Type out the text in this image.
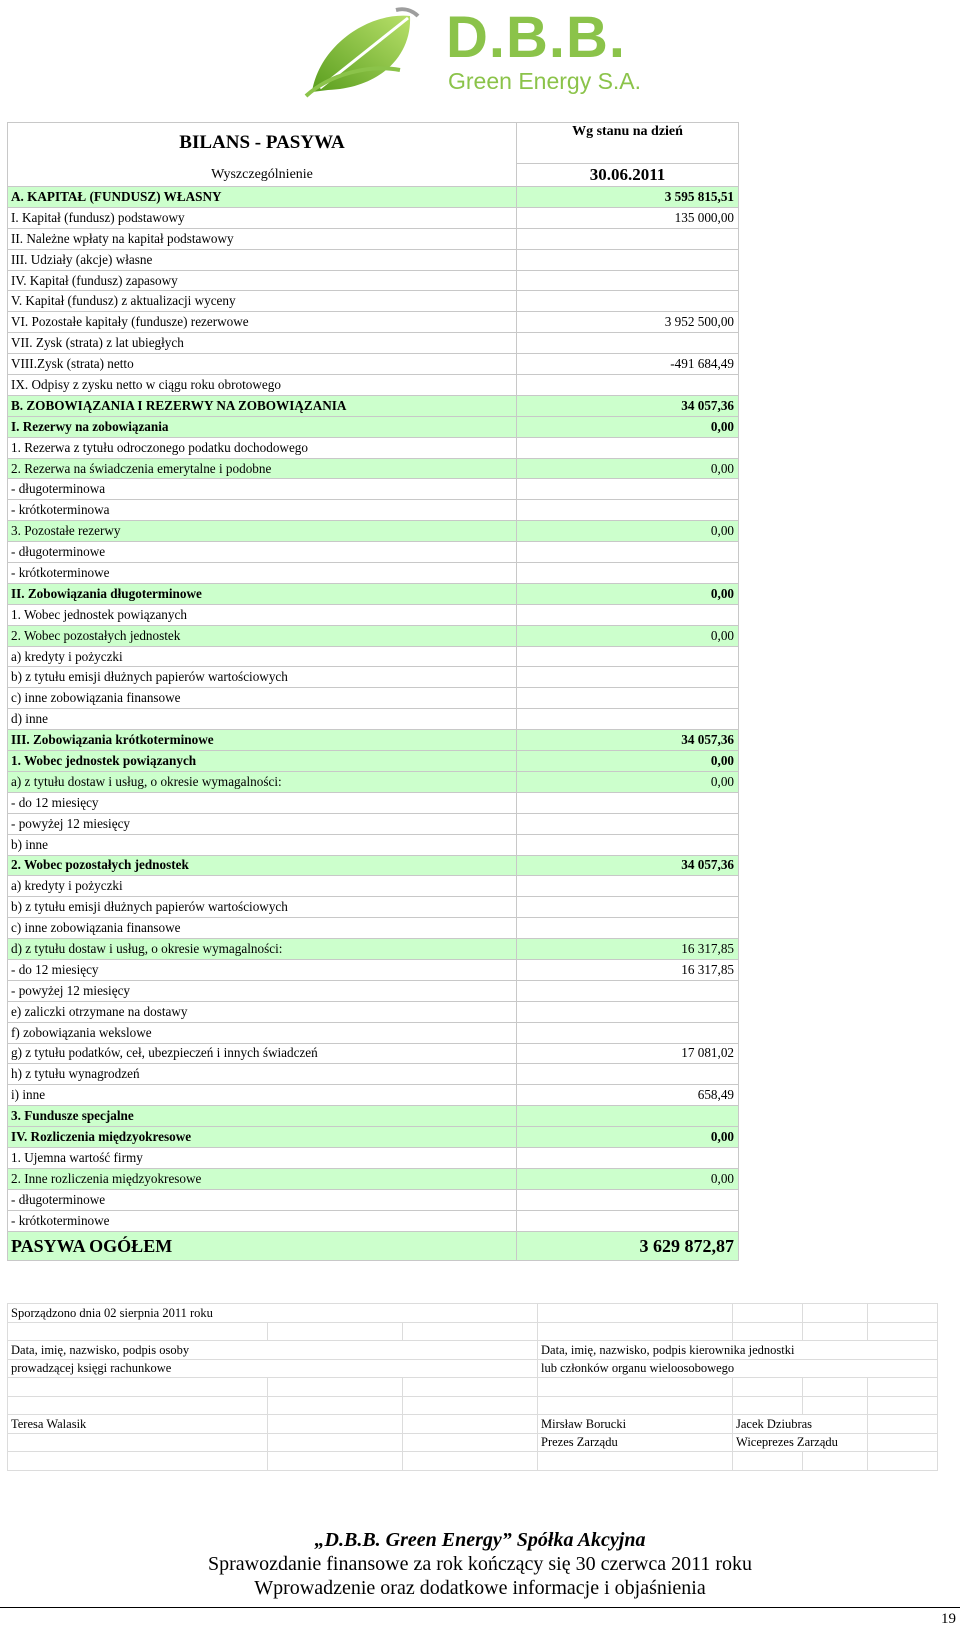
D.B.B.
Green Energy S.A.
BILANS - PASYWA	Wg stanu na dzień
Wyszczególnienie	30.06.2011
A. KAPITAŁ (FUNDUSZ) WŁASNY	3 595 815,51
I. Kapitał (fundusz) podstawowy	135 000,00
II. Należne wpłaty na kapitał podstawowy	
III. Udziały (akcje) własne	
IV. Kapitał (fundusz) zapasowy	
V. Kapitał (fundusz) z aktualizacji wyceny	
VI. Pozostałe kapitały (fundusze) rezerwowe	3 952 500,00
VII. Zysk (strata) z lat ubiegłych	
VIII.Zysk (strata) netto	-491 684,49
IX. Odpisy z zysku netto w ciągu roku obrotowego	
B. ZOBOWIĄZANIA I REZERWY NA ZOBOWIĄZANIA	34 057,36
I. Rezerwy na zobowiązania	0,00
1. Rezerwa z tytułu odroczonego podatku dochodowego	
2. Rezerwa na świadczenia emerytalne i podobne	0,00
- długoterminowa	
- krótkoterminowa	
3. Pozostałe rezerwy	0,00
- długoterminowe	
- krótkoterminowe	
II. Zobowiązania długoterminowe	0,00
1. Wobec jednostek powiązanych	
2. Wobec pozostałych jednostek	0,00
a) kredyty i pożyczki	
b) z tytułu emisji dłużnych papierów wartościowych	
c) inne zobowiązania finansowe	
d) inne	
III. Zobowiązania krótkoterminowe	34 057,36
1. Wobec jednostek powiązanych	0,00
a) z tytułu dostaw i usług, o okresie wymagalności:	0,00
- do 12 miesięcy	
- powyżej 12 miesięcy	
b) inne	
2. Wobec pozostałych jednostek	34 057,36
a) kredyty i pożyczki	
b) z tytułu emisji dłużnych papierów wartościowych	
c) inne zobowiązania finansowe	
d) z tytułu dostaw i usług, o okresie wymagalności:	16 317,85
- do 12 miesięcy	16 317,85
- powyżej 12 miesięcy	
e) zaliczki otrzymane na dostawy	
f) zobowiązania wekslowe	
g) z tytułu podatków, ceł, ubezpieczeń i innych świadczeń	17 081,02
h) z tytułu wynagrodzeń	
i) inne	658,49
3. Fundusze specjalne	
IV. Rozliczenia międzyokresowe	0,00
1. Ujemna wartość firmy	
2. Inne rozliczenia międzyokresowe	0,00
- długoterminowe	
- krótkoterminowe	
PASYWA OGÓŁEM	3 629 872,87
Sporządzono dnia 02 sierpnia 2011 roku						

Data, imię, nazwisko, podpis osoby			Data, imię, nazwisko, podpis kierownika jednostki			
prowadzącej księgi rachunkowe			lub członków organu wieloosobowego			

Teresa Walasik			Mirsław Borucki	Jacek Dziubras		
			Prezes Zarządu	Wiceprezes Zarządu		

„D.B.B. Green Energy” Spółka Akcyjna
Sprawozdanie finansowe za rok kończący się 30 czerwca 2011 roku
Wprowadzenie oraz dodatkowe informacje i objaśnienia
19
